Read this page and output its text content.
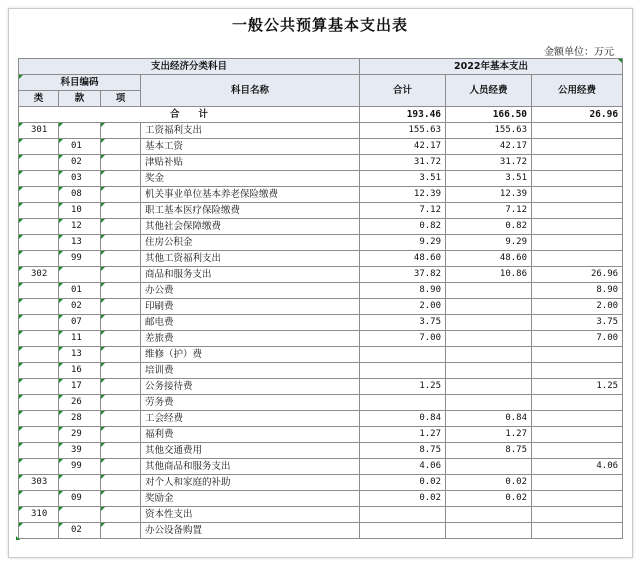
一般公共预算基本支出表
金额单位：万元
支出经济分类科目				2022年基本支出		

科目编码			科目名称	合计	人员经费	公用经费
类	款	项				
合　　计				193.46	166.50	26.96
301			工资福利支出	155.63	155.63	

	01		基本工资	42.17	42.17	

	02		津贴补贴	31.72	31.72	

	03		奖金	3.51	3.51	

	08		机关事业单位基本养老保险缴费	12.39	12.39	

	10		职工基本医疗保险缴费	7.12	7.12	

	12		其他社会保障缴费	0.82	0.82	

	13		住房公积金	9.29	9.29	

	99		其他工资福利支出	48.60	48.60	
302			商品和服务支出	37.82	10.86	26.96

	01		办公费	8.90		8.90

	02		印刷费	2.00		2.00

	07		邮电费	3.75		3.75

	11		差旅费	7.00		7.00

	13		维修（护）费			

	16		培训费			

	17		公务接待费	1.25		1.25

	26		劳务费			

	28		工会经费	0.84	0.84	

	29		福利费	1.27	1.27	

	39		其他交通费用	8.75	8.75	

	99		其他商品和服务支出	4.06		4.06
303			对个人和家庭的补助	0.02	0.02	

	09		奖励金	0.02	0.02	
310			资本性支出			

	02		办公设备购置			
